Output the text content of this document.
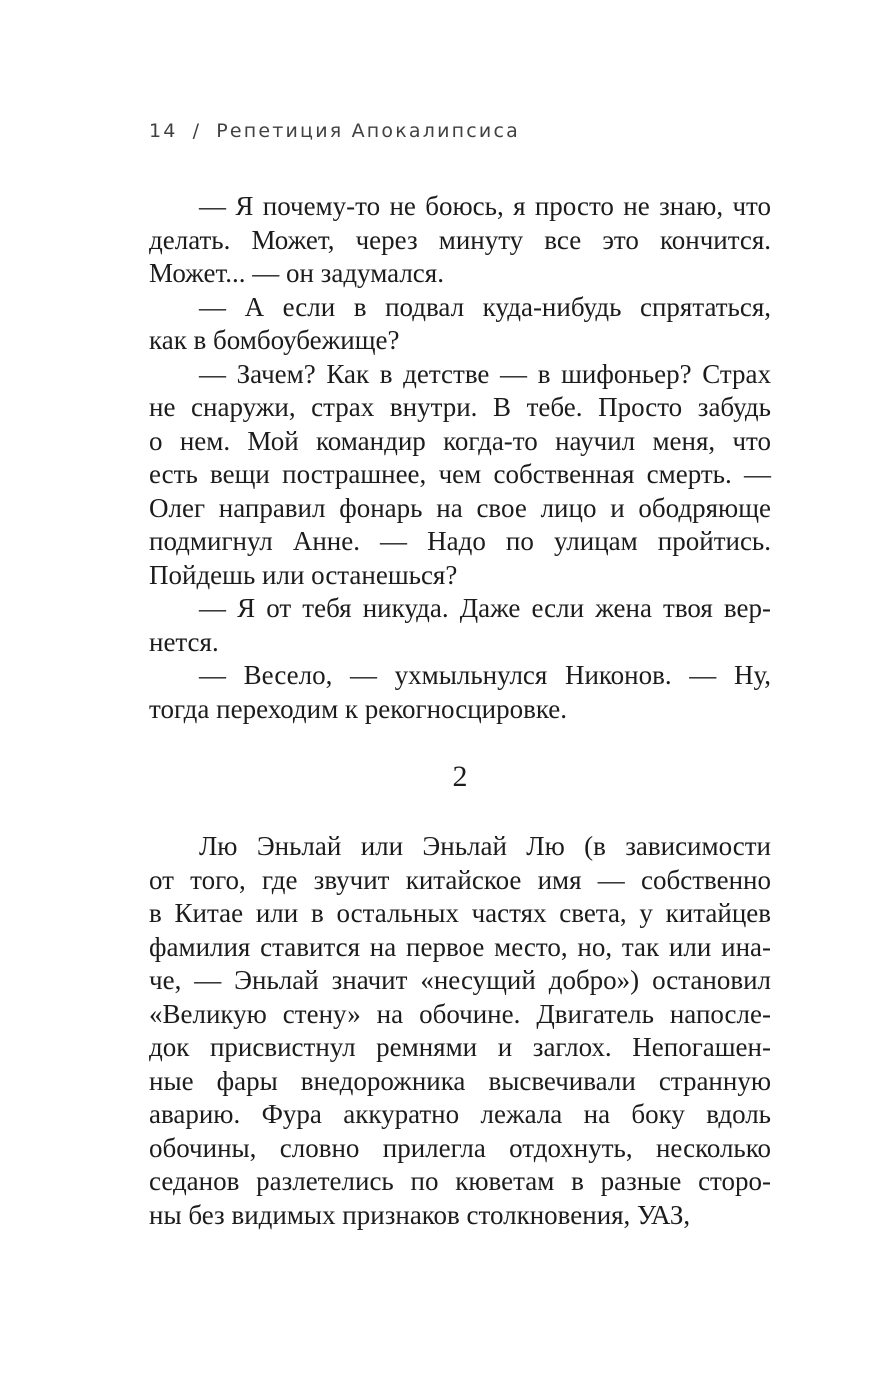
14 / Репетиция Апокалипсиса
— Я почему-то не боюсь, я просто не знаю, что
делать. Может, через минуту все это кончится.
Может... — он задумался.
— А если в подвал куда-нибудь спрятаться,
как в бомбоубежище?
— Зачем? Как в детстве — в шифоньер? Страх
не снаружи, страх внутри. В тебе. Просто забудь
о нем. Мой командир когда-то научил меня, что
есть вещи пострашнее, чем собственная смерть. —
Олег направил фонарь на свое лицо и ободряюще
подмигнул Анне. — Надо по улицам пройтись.
Пойдешь или останешься?
— Я от тебя никуда. Даже если жена твоя вер-
нется.
— Весело, — ухмыльнулся Никонов. — Ну,
тогда переходим к рекогносцировке.
2
Лю Эньлай или Эньлай Лю (в зависимости
от того, где звучит китайское имя — собственно
в Китае или в остальных частях света, у китайцев
фамилия ставится на первое место, но, так или ина-
че, — Эньлай значит «несущий добро») остановил
«Великую стену» на обочине. Двигатель напосле-
док присвистнул ремнями и заглох. Непогашен-
ные фары внедорожника высвечивали странную
аварию. Фура аккуратно лежала на боку вдоль
обочины, словно прилегла отдохнуть, несколько
седанов разлетелись по кюветам в разные сторо-
ны без видимых признаков столкновения, УАЗ,
